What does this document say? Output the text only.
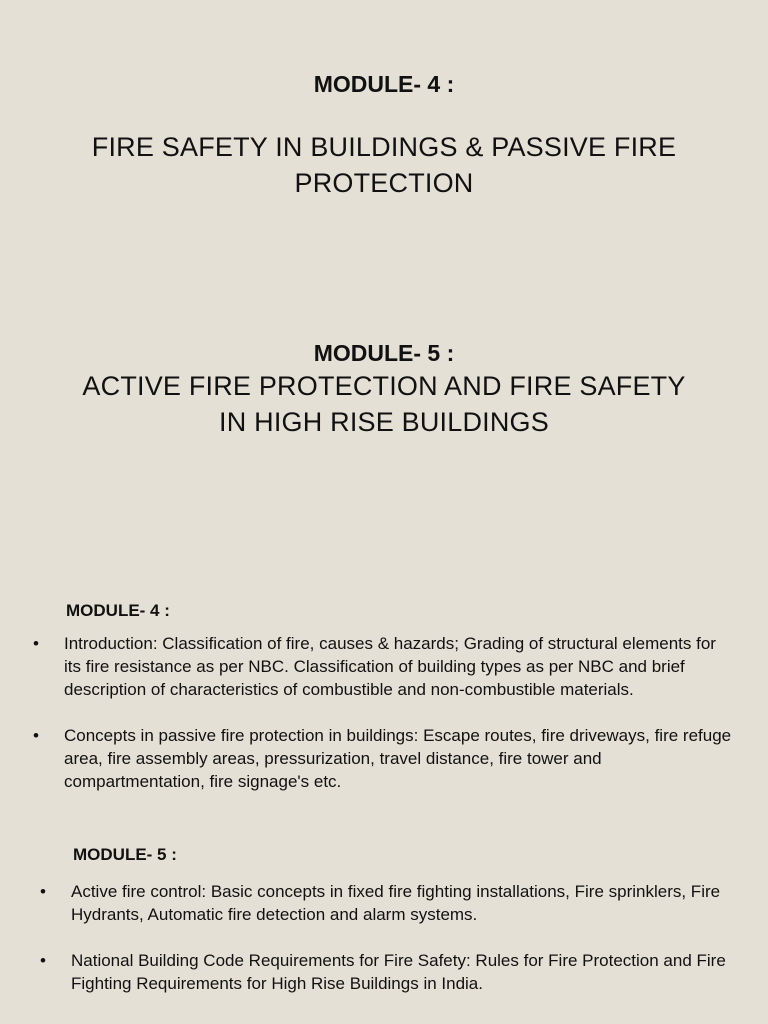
MODULE- 4 :
FIRE SAFETY IN BUILDINGS & PASSIVE FIRE
PROTECTION
MODULE- 5 :
ACTIVE FIRE PROTECTION AND FIRE SAFETY
IN HIGH RISE BUILDINGS
MODULE- 4 :
• Introduction: Classification of fire, causes & hazards; Grading of structural elements for its fire resistance as per NBC. Classification of building types as per NBC and brief description of characteristics of combustible and non-combustible materials.
• Concepts in passive fire protection in buildings: Escape routes, fire driveways, fire refuge area, fire assembly areas, pressurization, travel distance, fire tower and compartmentation, fire signage's etc.
MODULE- 5 :
• Active fire control: Basic concepts in fixed fire fighting installations, Fire sprinklers, Fire Hydrants, Automatic fire detection and alarm systems.
• National Building Code Requirements for Fire Safety: Rules for Fire Protection and Fire Fighting Requirements for High Rise Buildings in India.
